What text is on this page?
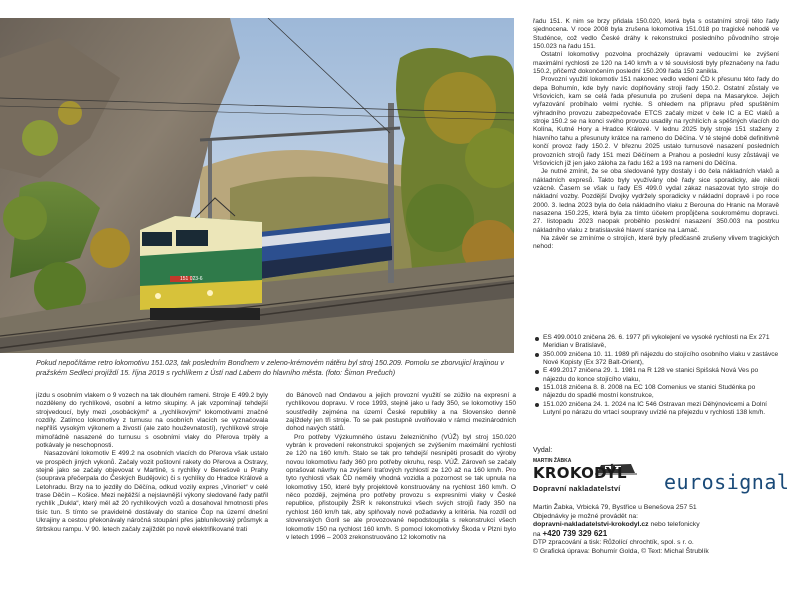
151 023-6
Pokud nepočítáme retro lokomotivu 151.023, tak posledním Bonďnem v zeleno-krémovém nátěru byl stroj 150.209. Pomolu se zborvujicí krajinou v pražském Sedleci projíždí 15. října 2019 s rychlíkem z Ústí nad Labem do hlavního města. (foto: Šimon Prečuch)

jízdu s osobním vlakem o 9 vozech na tak dlouhém rameni. Stroje E 499.2 byly nozděleny do rychlíkové, osobní a letmo skupiny. A jak vzpomínají tehdejší strojvedoucí, byly mezi „osobáckými“ a „rychlíkovými“ lokomotivami značné rozdíly. Zatímco lokomotivy z turnusu na osobních vlacích se vyznačovala nepříliš vysokým výkonem a živostí (ale zato houževnatostí), rychlíkové stroje mimořádně nasazené do turnusu s osobními vlaky do Přerova trpěly a potkávaly je neschopnosti.

Nasazování lokomotiv E 499.2 na osobních vlacích do Přerova však ustalo ve prospěch jiných vykonů. Začaly vozit poštovní rakety do Přerova a Ostravy, stejně jako se začaly objevovat v Martině, s rychlíky v Benešově u Prahy (souprava přečerpala do Českých Budějovic) či s rychlíky do Hradce Králové a Letohradu. Brzy na to jezdily do Děčína, odkud vozily expres „Vinoriet“ v celé trase Děčín – Košice. Mezi nejtěžší a nejslavnější výkony sledované řady patřil rychlík „Dukla“, který měl až 20 rychlíkových vozů a dosahoval hmotnosti přes tisíc tun. S tímto se pravidelně dostávaly do stanice Čop na území dnešní Ukrajiny a cestou překonávaly náročná stoupání přes jabluníkovský průsmyk a štrbskou rampu. V 90. letech začaly zajíždět po nově elektrifikované trati

do Bánovců nad Ondavou a jejich provozní využití se zúžilo na expresní a rychlíkovou dopravu. V roce 1993, stejně jako u řady 350, se lokomotivy 150 soustředily zejména na území České republiky a na Slovensko denně zajíždely jen tři stroje. To se pak postupně uvolňovalo v rámci mezinárodních dohod navých států.

Pro potřeby Výzkumného ústavu železničního (VÚŽ) byl stroj 150.020 vybrán k provedení rekonstrukci spojených se zvýšením maximální rychlosti ze 120 na 160 km/h. Stalo se tak pro tehdejší nesnipěti prosadit do výroby novou lokomotivu řady 360 pro potřeby okruhu, resp. VÚŽ. Zároveň se začaly oprašovat návrhy na zvýšení traťových rychlostí ze 120 až na 160 km/h. Pro tyto rychlosti však ČD neměly vhodná vozidla a pozornost se tak upnula na lokomotivy 150, které byly projektově konstruovány na rychlost 160 km/h. O něco později, zejména pro potřeby provozu s expresními vlaky v České republice, přistoupily ŽSR k rekonstrukci všech svých strojů řady 350 na rychlost 160 km/h tak, aby splňovaly nové požadavky a kritéria. Na rozdíl od slovenských Goril se ale provozované nepodstoupila s rekonstrukcí všech lokomotiv 150 na rychlost 160 km/h. S pomocí lokomotivky Škoda v Plzni bylo v letech 1996 – 2003 zrekonstruováno 12 lokomotiv na

řadu 151. K nim se brzy přidala 150.020, která byla s ostatními stroji této řady sjednocena. V roce 2008 byla zrušena lokomotiva 151.018 po tragické nehodě ve Studénce, což vedlo České dráhy k rekonstrukci posledního původního stroje 150.023 na řadu 151.

Ostatní lokomotivy pozvolna procházely úpravami vedoucími ke zvýšení maximální rychlosti ze 120 na 140 km/h a v té souvislosti byly přeznačeny na řadu 150.2, přičemž dokončením poslední 150.209 řada 150 zanikla.

Provozní využití lokomotiv 151 nakonec vedlo vedení ČD k přesunu této řady do depa Bohumín, kde byly navíc doplňovány stroji řady 150.2. Ostatní zůstaly ve Vršovicích, kam se celá řada přesunula po zrušení depa na Masarykce. Jejich vyřazování probíhalo velmi rychle. S ohledem na přípravu před spuštěním výhradního provozu zabezpečovače ETCS začaly mizet v čele IC a EC vlaků a stroje 150.2 se na konci svého provozu usadily na rychlících a spěšných vlacích do Kolína, Kutné Hory a Hradce Králové. V lednu 2025 byly stroje 151 staženy z hlavního tahu a přesunuty krátce na rameno do Děčína. V té stejné době definitivně končí provoz řady 150.2. V březnu 2025 ustalo turnusové nasazení posledních provozních strojů řady 151 mezi Děčínem a Prahou a poslední kusy zůstávají ve Vršovicích již jen jako záloha za řadu 162 a 193 na rameni do Děčína.

Je nutné zmínit, že se oba sledované typy dostaly i do čela nákladních vlaků a nákladních expresů. Takto byly využívány obě řady sice sporadicky, ale nikoli vzácně. Časem se však u řady ES 499.0 vydal zákaz nasazovat tyto stroje do nákladní vozby. Pozdější Dvojky vydržely sporadicky v nákladní dopravě i po roce 2000. 3. ledna 2023 byla do čela nákladního vlaku z Berouna do Hranic na Moravě nasazena 150.225, která byla za tímto účelem propůjčena soukromému dopravci. 27. listopadu 2023 naopak proběhlo poslední nasazení 350.003 na postrku nákladního vlaku z bratislavské hlavní stanice na Lamač.

Na závěr se zmíníme o strojích, které byly předčasně zrušeny vlivem tragických nehod:

ES 499.0010 zničena 26. 6. 1977 při vykolejení ve vysoké rychlosti na Ex 271 Meridian v Bratislavě,
350.009 zničena 10. 11. 1989 při nájezdu do stojícího osobního vlaku v zastávce Nové Kopisty (Ex 372 Balt-Orient),
E 499.2017 zničena 29. 1. 1981 na R 128 ve stanici Spišská Nová Ves po nájezdu do konce stojícího vlaku,
151.018 zničena 8. 8. 2008 na EC 108 Comenius ve stanici Studénka po nájezdu do spadlé mostní konstrukce,
151.020 zničena 24. 1. 2024 na IC 546 Ostravan mezi Děhýnovicemi a Dolní Lutyní po nárazu do vrtací soupravy uvízlé na přejezdu v rychlosti 138 km/h.
Vydal:
MARTIN ŽÁBKA
KROKODÝL
Dopravní nakladatelství eurosignal
Martin Žabka, Vrbická 79, Bystřice u Benešova 257 51
Objednávky je možné provádět na:
dopravni-nakladatelstvi-krokodyl.cz nebo telefonicky
na +420 739 329 621
DTP zpracování a tisk: Růžolící chrochtík, spol. s r. o.
© Grafická úprava: Bohumír Golda, © Text: Michal Štrublík
